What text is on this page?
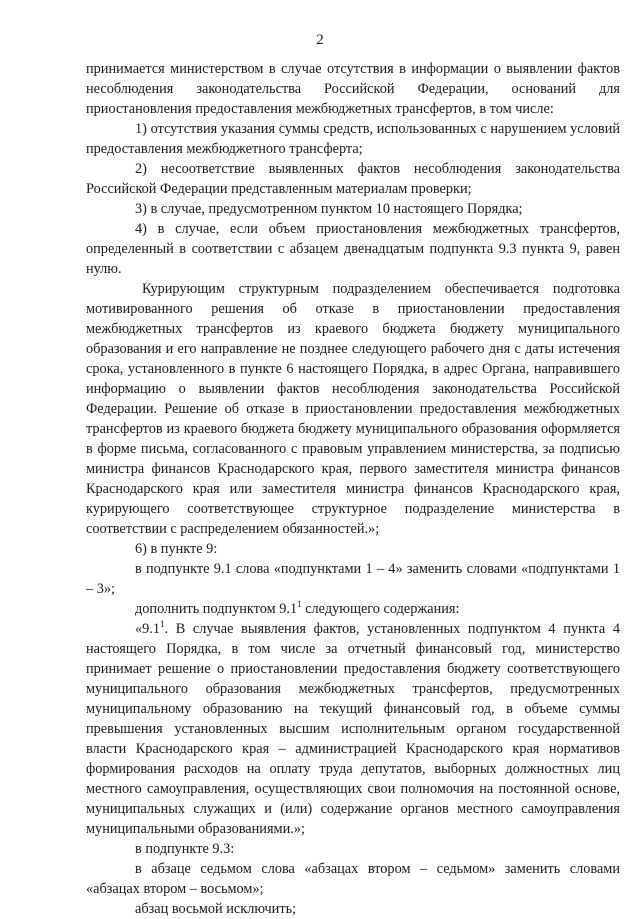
2

принимается министерством в случае отсутствия в информации о выявлении фактов несоблюдения законодательства Российской Федерации, оснований для приостановления предоставления межбюджетных трансфертов, в том числе:

1) отсутствия указания суммы средств, использованных с нарушением условий предоставления межбюджетного трансферта;

2) несоответствие выявленных фактов несоблюдения законодательства Российской Федерации представленным материалам проверки;

3) в случае, предусмотренном пунктом 10 настоящего Порядка;

4) в случае, если объем приостановления межбюджетных трансфертов, определенный в соответствии с абзацем двенадцатым подпункта 9.3 пункта 9, равен нулю.

Курирующим структурным подразделением обеспечивается подготовка мотивированного решения об отказе в приостановлении предоставления межбюджетных трансфертов из краевого бюджета бюджету муниципального образования и его направление не позднее следующего рабочего дня с даты истечения срока, установленного в пункте 6 настоящего Порядка, в адрес Органа, направившего информацию о выявлении фактов несоблюдения законодательства Российской Федерации. Решение об отказе в приостановлении предоставления межбюджетных трансфертов из краевого бюджета бюджету муниципального образования оформляется в форме письма, согласованного с правовым управлением министерства, за подписью министра финансов Краснодарского края, первого заместителя министра финансов Краснодарского края или заместителя министра финансов Краснодарского края, курирующего соответствующее структурное подразделение министерства в соответствии с распределением обязанностей.»;

6) в пункте 9:

в подпункте 9.1 слова «подпунктами 1 – 4» заменить словами «подпунктами 1 – 3»;

дополнить подпунктом $9.1^1$ следующего содержания:

«$9.1^1$. В случае выявления фактов, установленных подпунктом 4 пункта 4 настоящего Порядка, в том числе за отчетный финансовый год, министерство принимает решение о приостановлении предоставления бюджету соответствующего муниципального образования межбюджетных трансфертов, предусмотренных муниципальному образованию на текущий финансовый год, в объеме суммы превышения установленных высшим исполнительным органом государственной власти Краснодарского края – администрацией Краснодарского края нормативов формирования расходов на оплату труда депутатов, выборных должностных лиц местного самоуправления, осуществляющих свои полномочия на постоянной основе, муниципальных служащих и (или) содержание органов местного самоуправления муниципальными образованиями.»;

в подпункте 9.3:

в абзаце седьмом слова «абзацах втором – седьмом» заменить словами «абзацах втором – восьмом»;

абзац восьмой исключить;
